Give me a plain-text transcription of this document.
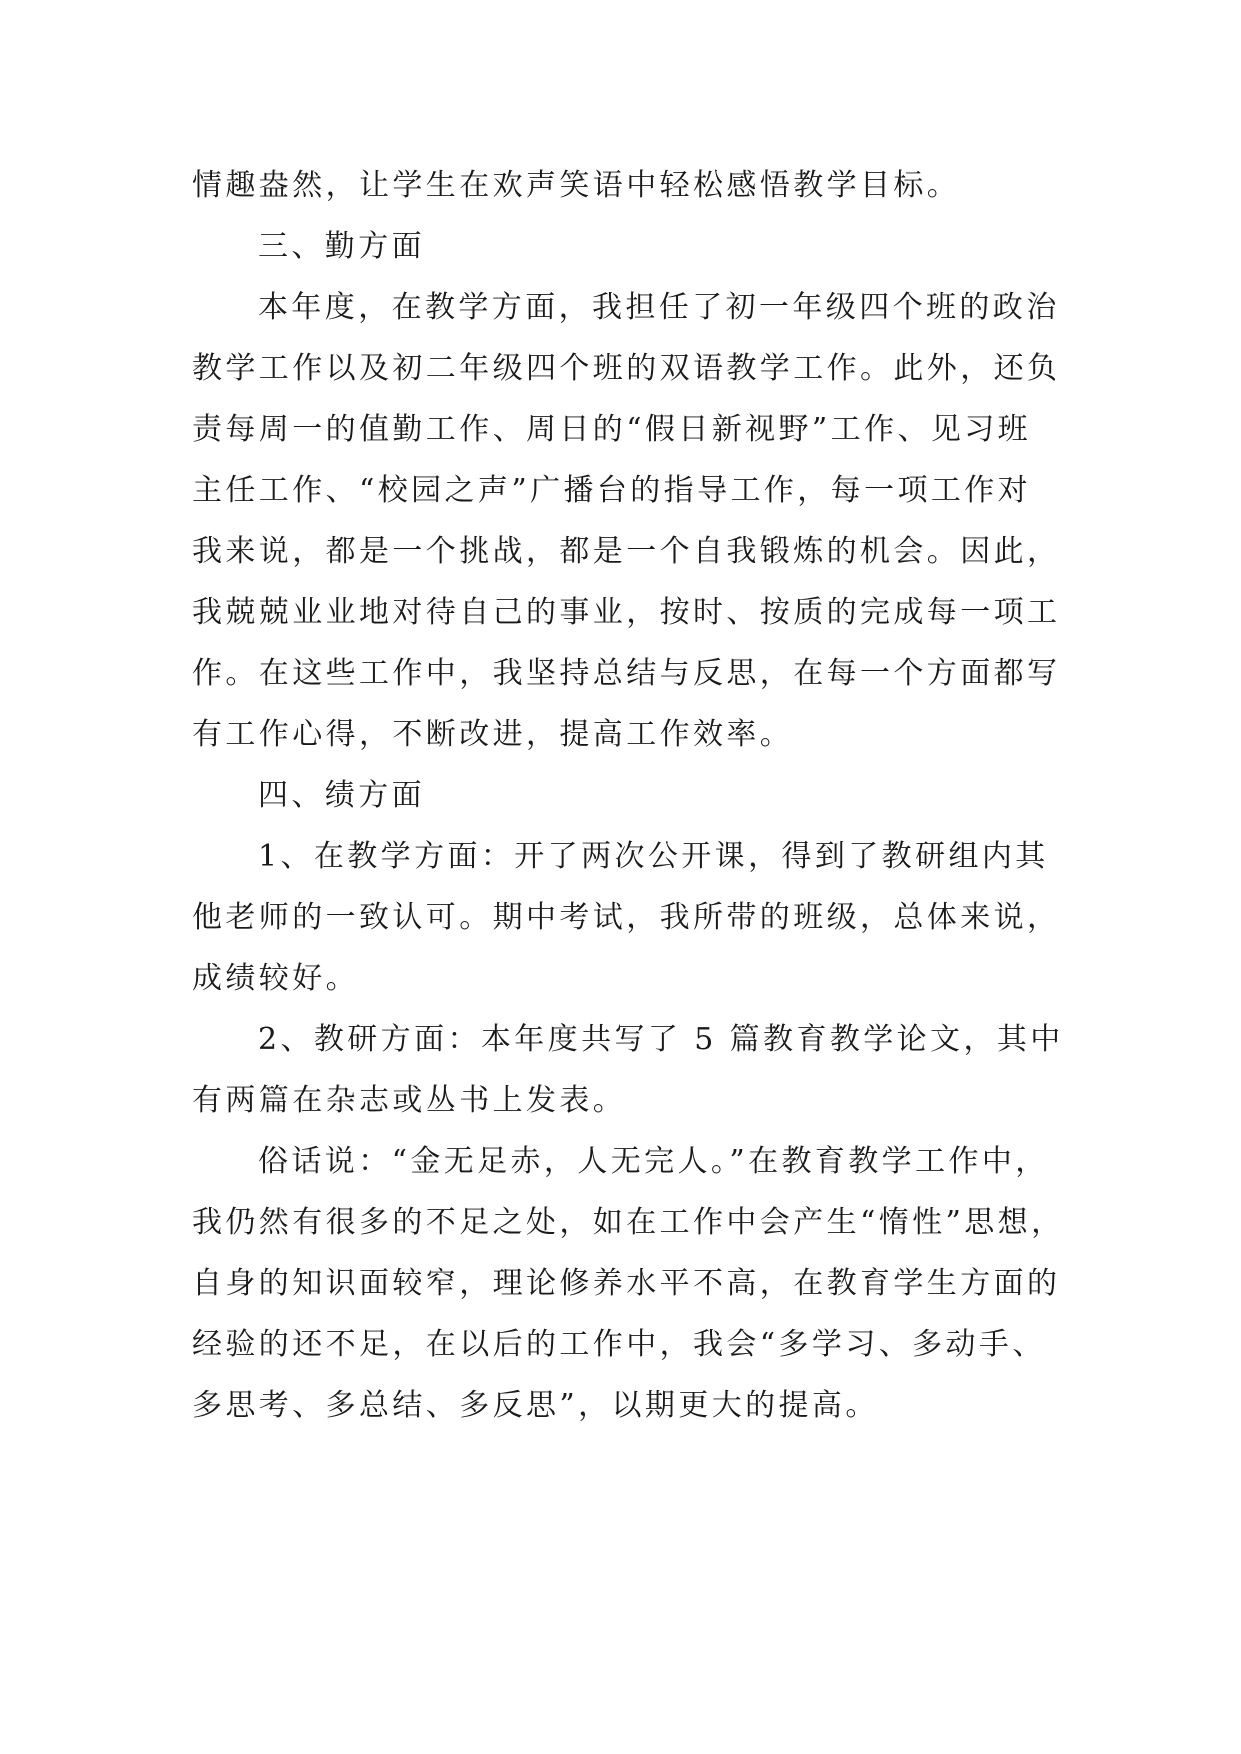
情趣盎然，让学生在欢声笑语中轻松感悟教学目标。
三、勤方面
本年度，在教学方面，我担任了初一年级四个班的政治
教学工作以及初二年级四个班的双语教学工作。此外，还负
责每周一的值勤工作、周日的“假日新视野”工作、见习班
主任工作、“校园之声”广播台的指导工作，每一项工作对
我来说，都是一个挑战，都是一个自我锻炼的机会。因此，
我兢兢业业地对待自己的事业，按时、按质的完成每一项工
作。在这些工作中，我坚持总结与反思，在每一个方面都写
有工作心得，不断改进，提高工作效率。
四、绩方面
1、在教学方面：开了两次公开课，得到了教研组内其
他老师的一致认可。期中考试，我所带的班级，总体来说，
成绩较好。
2、教研方面：本年度共写了 5 篇教育教学论文，其中
有两篇在杂志或丛书上发表。
俗话说：“金无足赤，人无完人。”在教育教学工作中，
我仍然有很多的不足之处，如在工作中会产生“惰性”思想，
自身的知识面较窄，理论修养水平不高，在教育学生方面的
经验的还不足，在以后的工作中，我会“多学习、多动手、
多思考、多总结、多反思”，以期更大的提高。
